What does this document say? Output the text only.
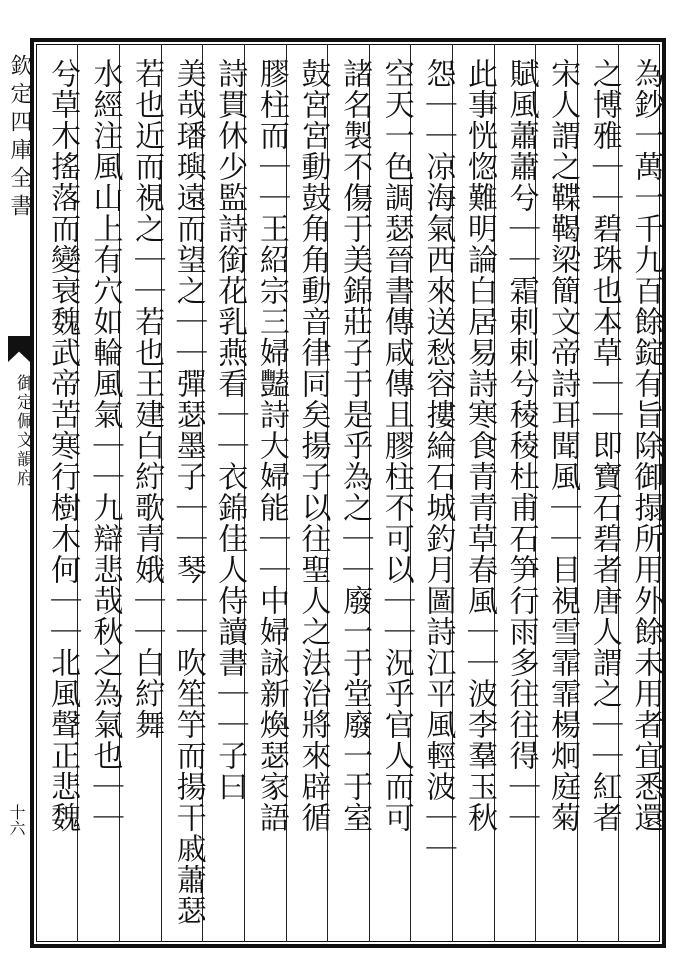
欽定四庫全書
御定佩文韻府
十六	為鈔一萬一千九百餘錠有旨除御搨所用外餘未用者宜悉還
之博雅｜｜碧珠也本草｜｜即寶石碧者唐人謂之｜｜紅者
宋人謂之鞢鞨梁簡文帝詩耳聞風｜｜目視雪霏霏楊炯庭菊
賦風蕭蕭兮｜｜霜剌剌兮稜稜杜甫石笋行雨多往往得｜｜
此事恍惚難明論白居易詩寒食青青草春風｜｜波李羣玉秋
怨｜｜凉海氣西來送愁容摟綸石城釣月圖詩江平風輕波｜｜
空天一色調瑟晉書傳咸傳且膠柱不可以｜｜況乎官人而可
諸名製不傷于美錦莊子于是乎為之｜｜廢一于堂廢一于室
鼓宮宮動鼓角角動音律同矣揚子以往聖人之法治將來辟循
膠柱而｜｜王紹宗三婦豔詩大婦能｜｜中婦詠新煥瑟家語
詩貫休少監詩銜花乳燕看｜｜衣錦佳人侍讀書｜｜子曰
美哉璠璵遠而望之｜｜彈瑟墨子｜｜琴｜｜吹笙竽而揚干戚蕭瑟
若也近而視之｜｜若也王建白紵歌青娥｜｜白紵舞
水經注風山上有穴如輪風氣｜｜九辯悲哉秋之為氣也｜｜
兮草木搖落而變衰魏武帝苦寒行樹木何｜｜北風聲正悲魏
